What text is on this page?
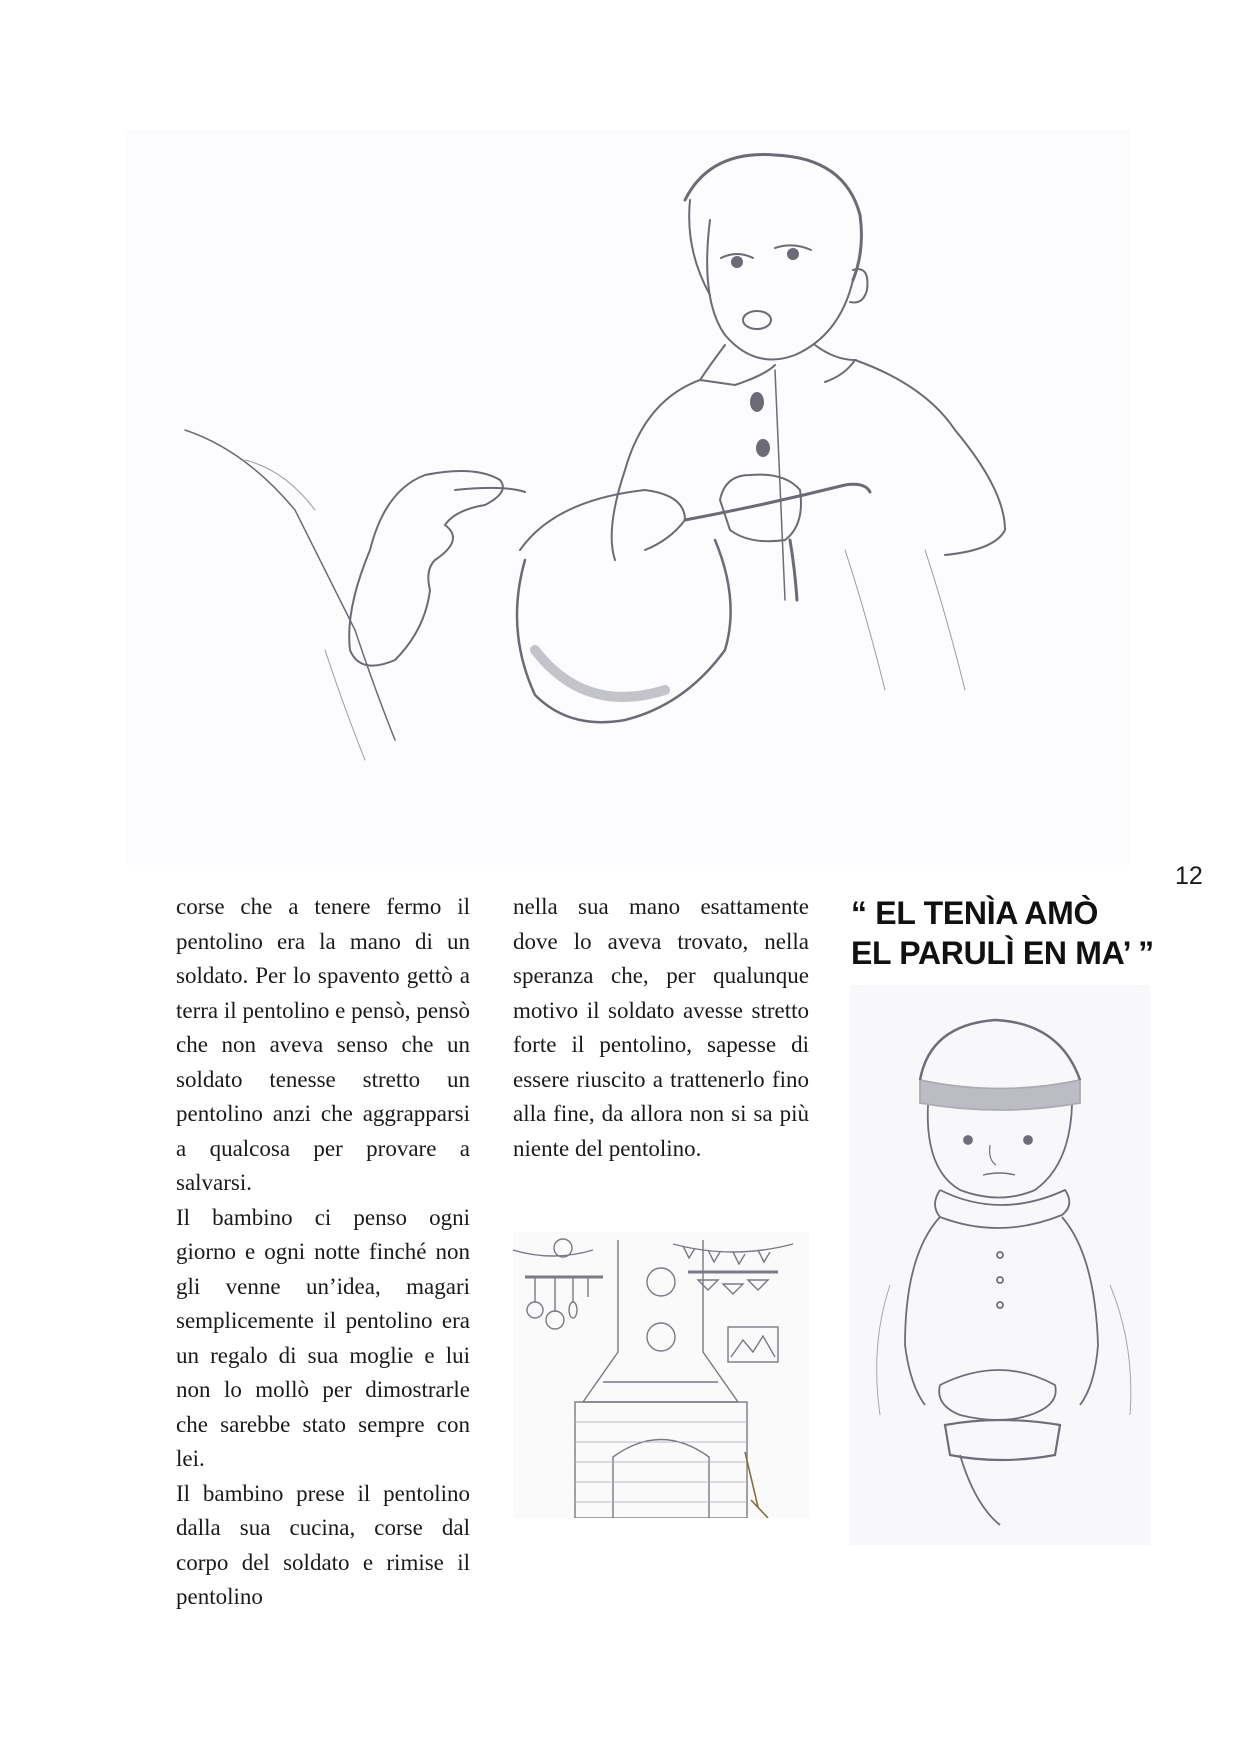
12

corse che a tenere fermo il pentolino era la mano di un soldato. Per lo spavento gettò a terra il pentolino e pensò, pensò che non aveva senso che un soldato tenesse stretto un pentolino anzi che aggrapparsi a qualcosa per provare a salvarsi.

Il bambino ci penso ogni giorno e ogni notte finché non gli venne un’idea, magari semplicemente il pentolino era un regalo di sua moglie e lui non lo mollò per dimostrarle che sarebbe stato sempre con lei.

Il bambino prese il pentolino dalla sua cucina, corse dal corpo del soldato e rimise il pentolino

nella sua mano esattamente dove lo aveva trovato, nella speranza che, per qualunque motivo il soldato avesse stretto forte il pentolino, sapesse di essere riuscito a trattenerlo fino alla fine, da allora non si sa più niente del pentolino.

“ EL TENÌA AMÒ
EL PARULÌ EN MA’ ”
